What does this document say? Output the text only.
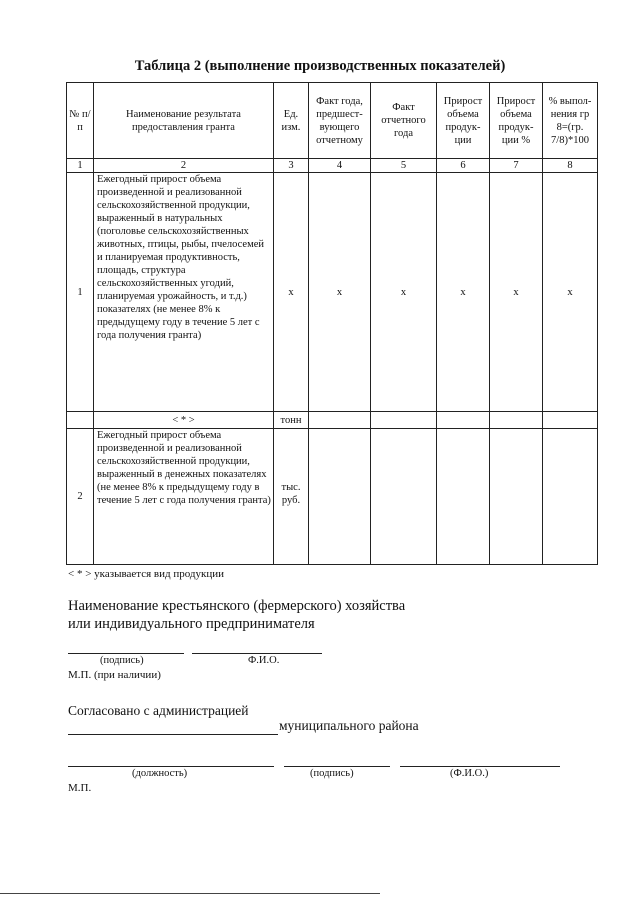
Таблица 2 (выполнение производственных показателей)
№ п/п	Наименование результата предоставления гранта	Ед. изм.	Факт года, предшест-вующего отчетному	Факт отчетного года	Прирост объема продук-ции	Прирост объема продук-ции %	% выпол-нения гр 8=(гр. 7/8)*100
1	2	3	4	5	6	7	8
1	Ежегодный прирост объема произведенной и реализованной сельскохозяйственной продукции, выраженный в натуральных (поголовье сельскохозяйственных животных, птицы, рыбы, пчелосемей и планируемая продуктивность, площадь, структура сельскохозяйственных угодий, планируемая урожайность, и т.д.) показателях (не менее 8% к предыдущему году в течение 5 лет с года получения гранта)	х	х	х	х	х	х
	< * >	тонн					
2	Ежегодный прирост объема произведенной и реализованной сельскохозяйственной продукции, выраженный в денежных показателях (не менее 8% к предыдущему году в течение 5 лет с года получения гранта)	тыс. руб.					
< * > указывается вид продукции
Наименование крестьянского (фермерского) хозяйства
или индивидуального предпринимателя
(подпись)	Ф.И.О.
М.П. (при наличии)
Согласовано с администрацией
муниципального района
(должность)	(подпись)	(Ф.И.О.)
М.П.
